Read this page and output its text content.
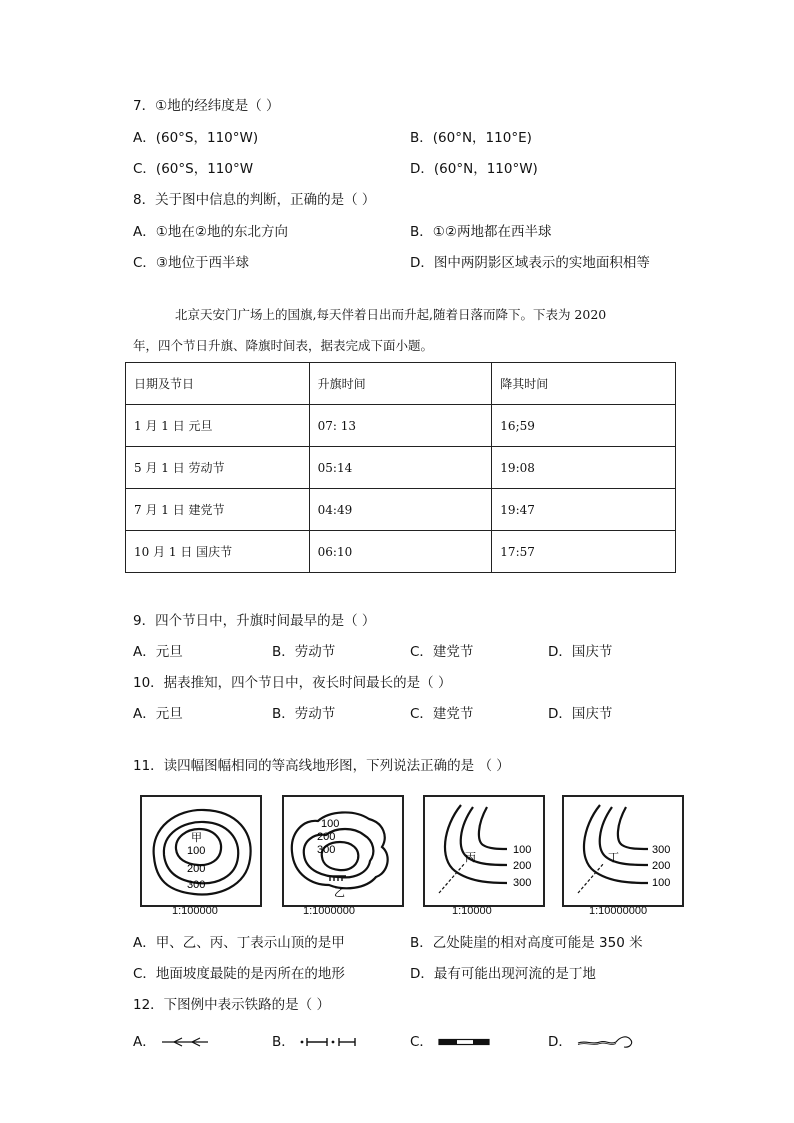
7．①地的经纬度是（ ）
A．(60°S，110°W)	B．(60°N，110°E)
C．(60°S，110°W	D．(60°N，110°W)
8．关于图中信息的判断，正确的是（ ）
A．①地在②地的东北方向	B．①②两地都在西半球
C．③地位于西半球	D．图中两阴影区域表示的实地面积相等
北京天安门广场上的国旗,每天伴着日出而升起,随着日落而降下。下表为 2020
年，四个节日升旗、降旗时间表，据表完成下面小题。
日期及节日	升旗时间	降其时间
1 月 1 日 元旦	07: 13	16;59
5 月 1 日 劳动节	05:14	19:08
7 月 1 日 建党节	04:49	19:47
10 月 1 日 国庆节	06:10	17:57
9．四个节日中，升旗时间最早的是（ ）
A．元旦	B．劳动节	C．建党节	D．国庆节
10．据表推知，四个节日中，夜长时间最长的是（ ）
A．元旦	B．劳动节	C．建党节	D．国庆节
11．读四幅图幅相同的等高线地形图，下列说法正确的是 （ ）
甲
100
200
300
100
200
300
乙
100
200
300
丙
300
200
100
丁
1:100000	1:1000000	1:10000	1:10000000
A．甲、乙、丙、丁表示山顶的是甲	B．乙处陡崖的相对高度可能是 350 米
C．地面坡度最陡的是丙所在的地形	D．最有可能出现河流的是丁地
12．下图例中表示铁路的是（ ）
A．	B．	C．	D．
